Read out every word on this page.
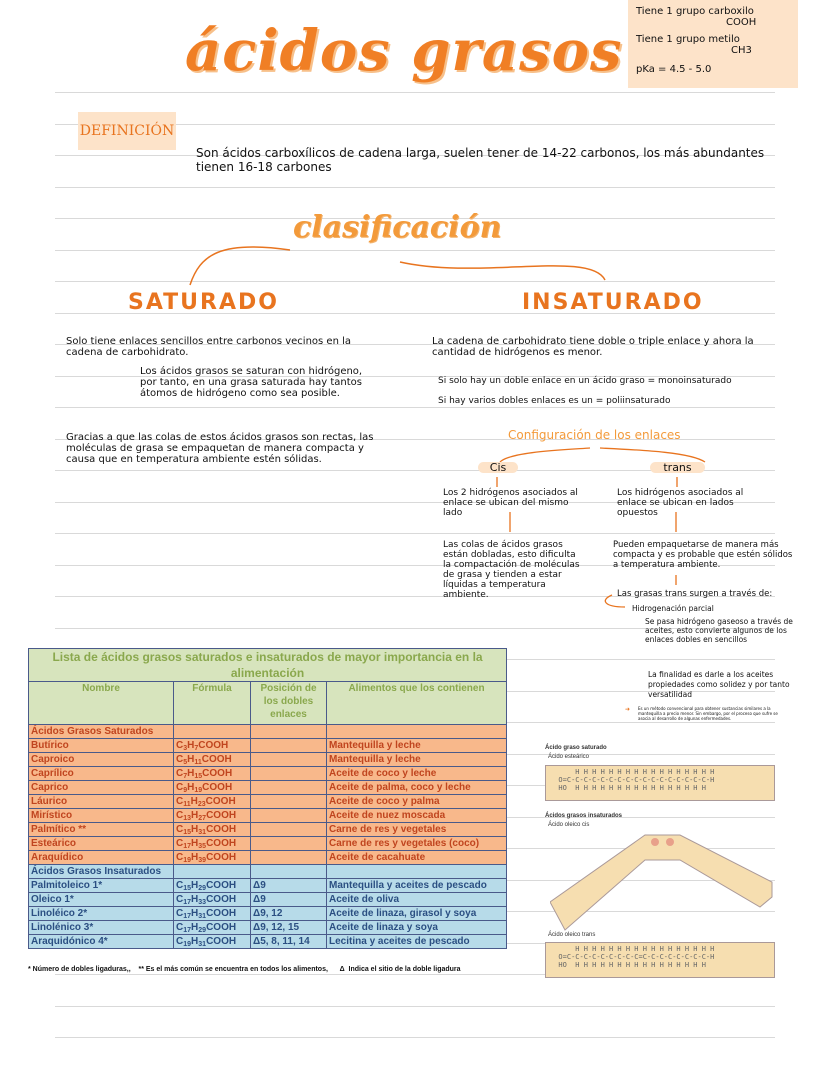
ácidos grasos
Tiene 1 grupo carboxilo
COOH
Tiene 1 grupo metilo
CH3
pKa = 4.5 - 5.0
DEFINICIÓN
Son ácidos carboxílicos de cadena larga, suelen tener de 14-22 carbonos, los más abundantes tienen 16-18 carbones
clasificación
SATURADO	INSATURADO
Solo tiene enlaces sencillos entre carbonos vecinos en la cadena de carbohidrato.
Los ácidos grasos se saturan con hidrógeno, por tanto, en una grasa saturada hay tantos átomos de hidrógeno como sea posible.
Gracias a que las colas de estos ácidos grasos son rectas, las moléculas de grasa se empaquetan de manera compacta y causa que en temperatura ambiente estén sólidas.
La cadena de carbohidrato tiene doble o triple enlace y ahora la cantidad de hidrógenos es menor.
Si solo hay un doble enlace en un ácido graso = monoinsaturado
Si hay varios dobles enlaces es un = poliinsaturado
Configuración de los enlaces
Cis	trans
Los 2 hidrógenos asociados al enlace se ubican del mismo lado
Las colas de ácidos grasos están dobladas, esto dificulta la compactación de moléculas de grasa y tienden a estar líquidas a temperatura ambiente.
Los hidrógenos asociados al enlace se ubican en lados opuestos
Pueden empaquetarse de manera más compacta y es probable que estén sólidos a temperatura ambiente.
Las grasas trans surgen a través de:
Hidrogenación parcial
Se pasa hidrógeno gaseoso a través de aceites, esto convierte algunos de los enlaces dobles en sencillos
La finalidad es darle a los aceites propiedades como solidez y por tanto versatilidad
➜ Es un método convencional para obtener sustancias similares a la mantequilla a precio menor. Sin embargo, por el proceso que sufre se asocia al desarrollo de algunas enfermedades.
Lista de ácidos grasos saturados e insaturados de mayor importancia en la alimentación			
Nombre	Fórmula	Posición de los dobles enlaces	Alimentos que los contienen
Ácidos Grasos Saturados			
Butírico	$C_3H_7COOH$		Mantequilla y leche
Caproico	$C_5H_{11}COOH$		Mantequilla y leche
Caprílico	$C_7H_{15}COOH$		Aceite de coco y leche
Caprico	$C_9H_{19}COOH$		Aceite de palma, coco y leche
Láurico	$C_{11}H_{23}COOH$		Aceite de coco y palma
Mirístico	$C_{13}H_{27}COOH$		Aceite de nuez moscada
Palmítico **	$C_{15}H_{31}COOH$		Carne de res y vegetales
Esteárico	$C_{17}H_{35}COOH$		Carne de res y vegetales (coco)
Araquídico	$C_{19}H_{39}COOH$		Aceite de cacahuate
Ácidos Grasos Insaturados			
Palmitoleico 1*	$C_{15}H_{29}COOH$	Δ9	Mantequilla y aceites de pescado
Oleico 1*	$C_{17}H_{33}COOH$	Δ9	Aceite de oliva
Linoléico 2*	$C_{17}H_{31}COOH$	Δ9, 12	Aceite de linaza, girasol y soya
Linolénico 3*	$C_{17}H_{29}COOH$	Δ9, 12, 15	Aceite de linaza y soya
Araquidónico 4*	$C_{19}H_{31}COOH$	Δ5, 8, 11, 14	Lecitina y aceites de pescado
* Número de dobles ligaduras,,    ** Es el más común se encuentra en todos los alimentos,      Δ  Indica el sitio de la doble ligadura
Ácido graso saturado
Ácido esteárico
H H H H H H H H H H H H H H H H H
O=C-C-C-C-C-C-C-C-C-C-C-C-C-C-C-C-C-H
HO  H H H H H H H H H H H H H H H H
Ácidos grasos insaturados
Ácido oleico cis
Ácido oleico trans
H H H H H H H H H H H H H H H H H
O=C-C-C-C-C-C-C-C-C=C-C-C-C-C-C-C-C-H
HO  H H H H H H H H H H H H H H H H
